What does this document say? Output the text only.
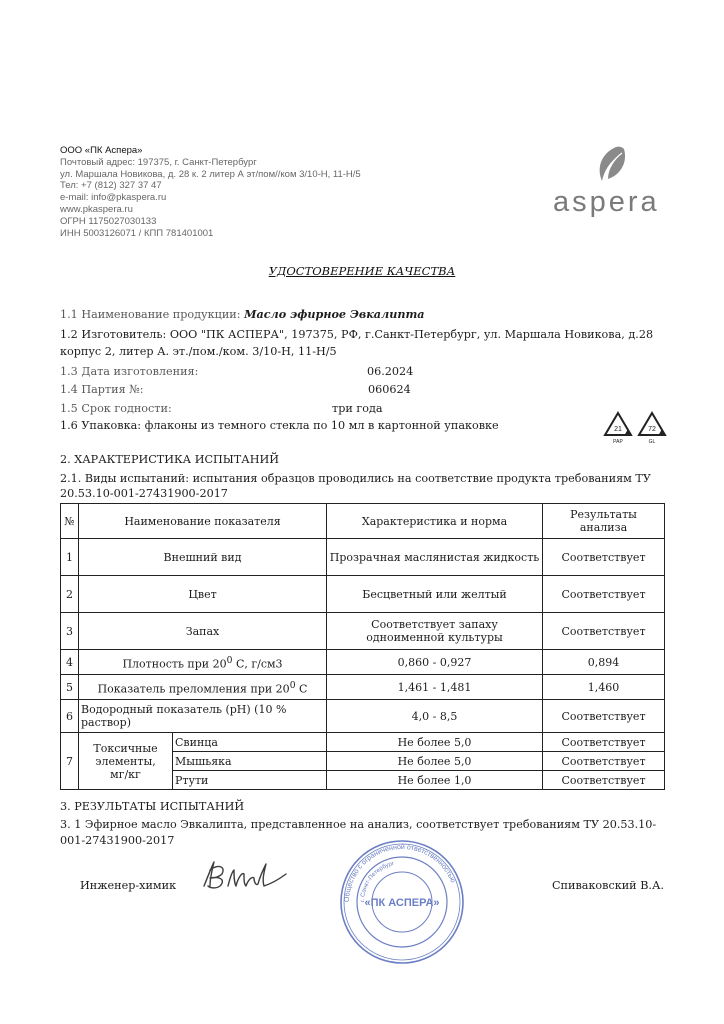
ООО «ПК Аспера»
Почтовый адрес: 197375, г. Санкт-Петербург
ул. Маршала Новикова, д. 28 к. 2 литер А эт/пом//ком 3/10-Н, 11-Н/5
Тел: +7 (812) 327 37 47
e-mail: info@pkaspera.ru
www.pkaspera.ru
ОГРН 1175027030133
ИНН 5003126071 / КПП 781401001
aspera
УДОСТОВЕРЕНИЕ КАЧЕСТВА
1.1 Наименование продукции: Масло эфирное Эвкалипта
1.2 Изготовитель: ООО "ПК АСПЕРА", 197375, РФ, г.Санкт-Петербург, ул. Маршала Новикова, д.28
корпус 2, литер А. эт./пом./ком. 3/10-Н, 11-Н/5
1.3 Дата изготовления:	06.2024
1.4 Партия №:	060624
1.5 Срок годности:	три года
1.6 Упаковка: флаконы из темного стекла по 10 мл в картонной упаковке	21
PAP
72
GL
2. ХАРАКТЕРИСТИКА ИСПЫТАНИЙ
2.1. Виды испытаний: испытания образцов проводились на соответствие продукта требованиям ТУ
20.53.10-001-27431900-2017
№	Наименование показателя		Характеристика и норма	Результаты
анализа

1	Внешний вид		Прозрачная маслянистая жидкость	Соответствует
2	Цвет		Бесцветный или желтый	Соответствует
3	Запах		Соответствует запаху
одноименной культуры	Соответствует
4	Плотность при $20^0$ С, г/см3		0,860 - 0,927	0,894
5	Показатель преломления при $20^0$ С		1,461 - 1,481	1,460
6	Водородный показатель (pH) (10 %
раствор)		4,0 - 8,5	Соответствует
7	Токсичные
элементы,
мг/кг	Свинца	Не более 5,0	Соответствует
		Мышьяка	Не более 5,0	Соответствует
		Ртути	Не более 1,0	Соответствует
3. РЕЗУЛЬТАТЫ ИСПЫТАНИЙ
3. 1 Эфирное масло Эвкалипта, представленное на анализ, соответствует требованиям ТУ 20.53.10-
001-27431900-2017
Инженер-химик
Общество с ограниченной ответственностью
г. Санкт-Петербург
«ПК АСПЕРА»
Спиваковский В.А.
